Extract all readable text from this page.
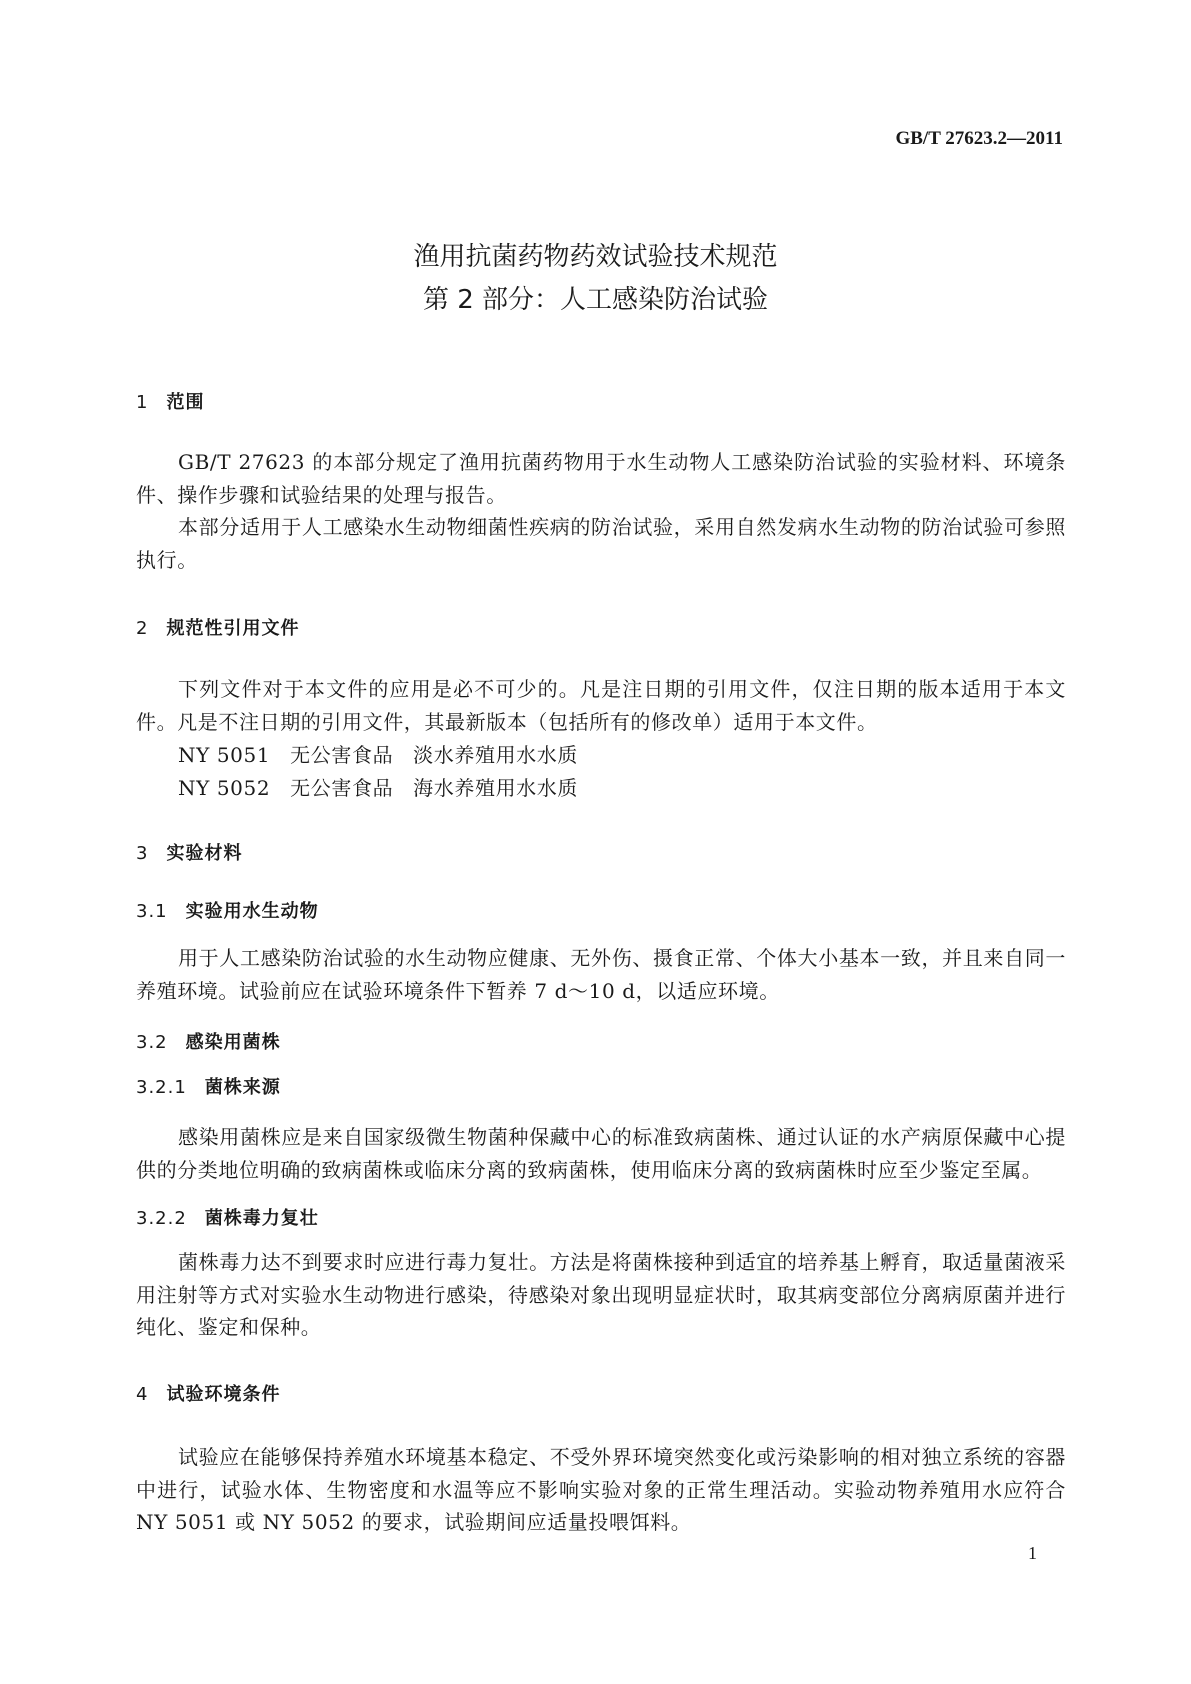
GB/T 27623.2—2011
渔用抗菌药物药效试验技术规范
第 2 部分：人工感染防治试验
1 范围
GB/T 27623 的本部分规定了渔用抗菌药物用于水生动物人工感染防治试验的实验材料、环境条件、操作步骤和试验结果的处理与报告。
本部分适用于人工感染水生动物细菌性疾病的防治试验，采用自然发病水生动物的防治试验可参照执行。
2 规范性引用文件
下列文件对于本文件的应用是必不可少的。凡是注日期的引用文件，仅注日期的版本适用于本文件。凡是不注日期的引用文件，其最新版本（包括所有的修改单）适用于本文件。
NY 5051 无公害食品 淡水养殖用水水质
NY 5052 无公害食品 海水养殖用水水质
3 实验材料
3.1 实验用水生动物
用于人工感染防治试验的水生动物应健康、无外伤、摄食正常、个体大小基本一致，并且来自同一养殖环境。试验前应在试验环境条件下暂养 7 d～10 d，以适应环境。
3.2 感染用菌株
3.2.1 菌株来源
感染用菌株应是来自国家级微生物菌种保藏中心的标准致病菌株、通过认证的水产病原保藏中心提供的分类地位明确的致病菌株或临床分离的致病菌株，使用临床分离的致病菌株时应至少鉴定至属。
3.2.2 菌株毒力复壮
菌株毒力达不到要求时应进行毒力复壮。方法是将菌株接种到适宜的培养基上孵育，取适量菌液采用注射等方式对实验水生动物进行感染，待感染对象出现明显症状时，取其病变部位分离病原菌并进行纯化、鉴定和保种。
4 试验环境条件
试验应在能够保持养殖水环境基本稳定、不受外界环境突然变化或污染影响的相对独立系统的容器中进行，试验水体、生物密度和水温等应不影响实验对象的正常生理活动。实验动物养殖用水应符合 NY 5051 或 NY 5052 的要求，试验期间应适量投喂饵料。
1
